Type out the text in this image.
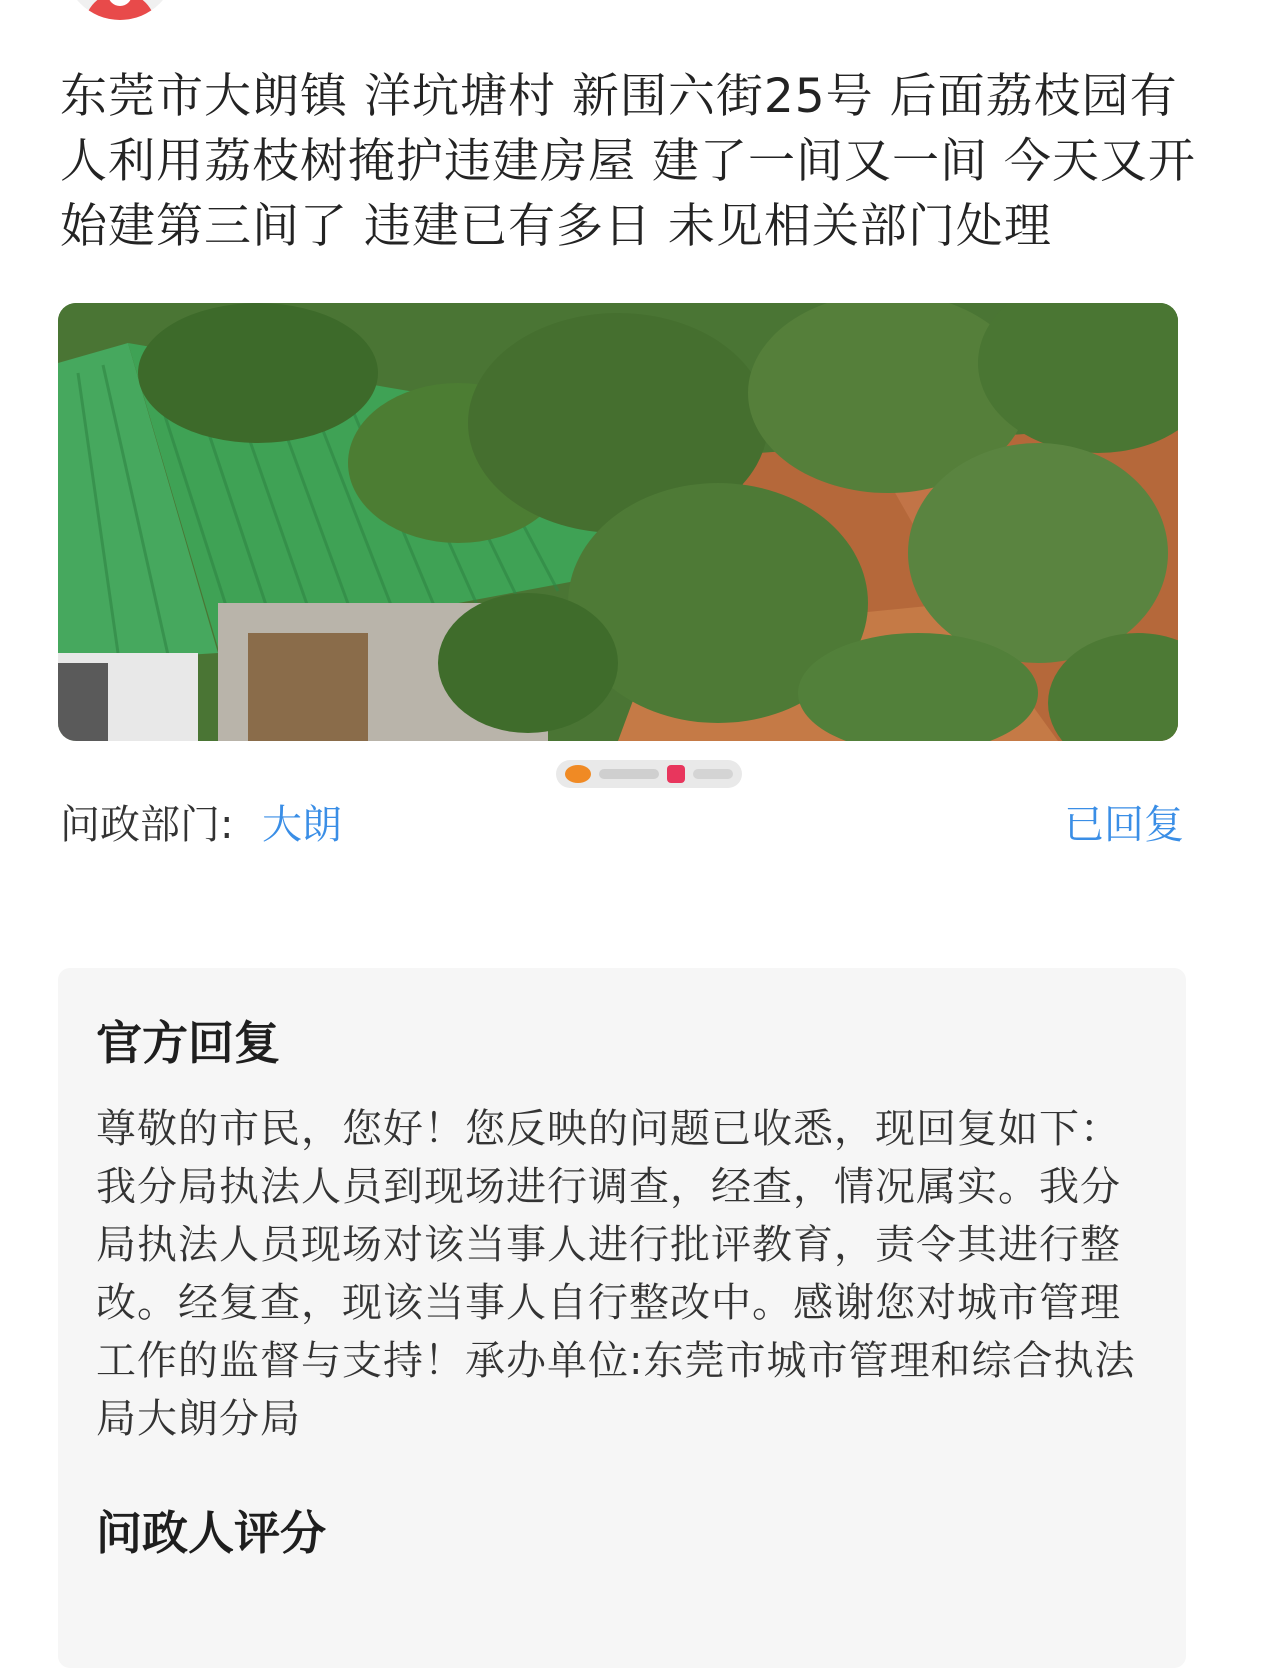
东莞市大朗镇 洋坑塘村 新围六街25号 后面荔枝园有人利用荔枝树掩护违建房屋 建了一间又一间 今天又开始建第三间了 违建已有多日 未见相关部门处理

问政部门: 大朗	已回复
官方回复

尊敬的市民，您好！您反映的问题已收悉，现回复如下：我分局执法人员到现场进行调查，经查，情况属实。我分局执法人员现场对该当事人进行批评教育，责令其进行整改。经复查，现该当事人自行整改中。感谢您对城市管理工作的监督与支持！承办单位:东莞市城市管理和综合执法局大朗分局

问政人评分
